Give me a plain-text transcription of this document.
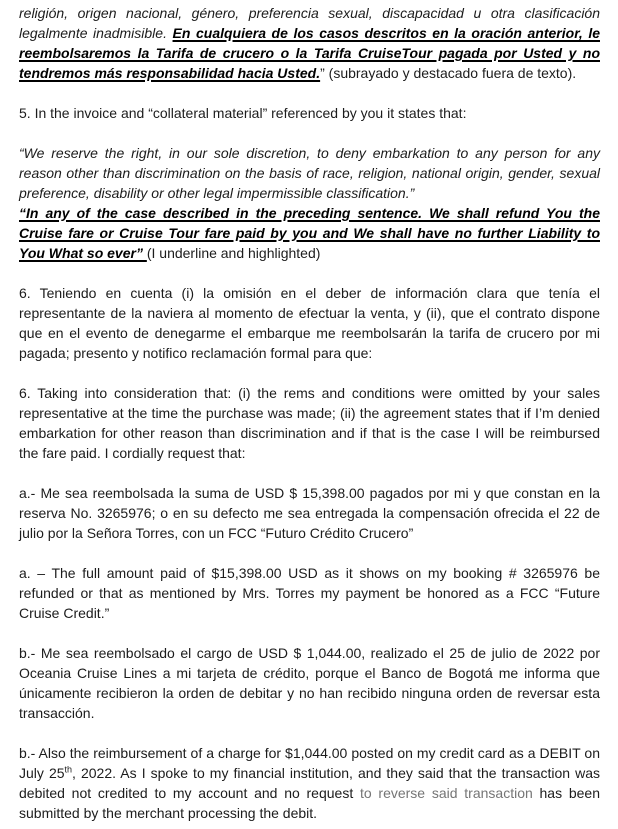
religión, origen nacional, género, preferencia sexual, discapacidad u otra clasificación legalmente inadmisible. En cualquiera de los casos descritos en la oración anterior, le reembolsaremos la Tarifa de crucero o la Tarifa CruiseTour pagada por Usted y no tendremos más responsabilidad hacia Usted.” (subrayado y destacado fuera de texto).

5. In the invoice and “collateral material” referenced by you it states that:

“We reserve the right, in our sole discretion, to deny embarkation to any person for any reason other than discrimination on the basis of race, religion, national origin, gender, sexual preference, disability or other legal impermissible classification.”
“In any of the case described in the preceding sentence. We shall refund You the Cruise fare or Cruise Tour fare paid by you and We shall have no further Liability to You What so ever” (I underline and highlighted)

6. Teniendo en cuenta (i) la omisión en el deber de información clara que tenía el representante de la naviera al momento de efectuar la venta, y (ii), que el contrato dispone que en el evento de denegarme el embarque me reembolsarán la tarifa de crucero por mi pagada; presento y notifico reclamación formal para que:

6. Taking into consideration that: (i) the rems and conditions were omitted by your sales representative at the time the purchase was made; (ii) the agreement states that if I’m denied embarkation for other reason than discrimination and if that is the case I will be reimbursed the fare paid. I cordially request that:

a.- Me sea reembolsada la suma de USD $ 15,398.00 pagados por mi y que constan en la reserva No. 3265976; o en su defecto me sea entregada la compensación ofrecida el 22 de julio por la Señora Torres, con un FCC “Futuro Crédito Crucero”

a. – The full amount paid of $15,398.00 USD as it shows on my booking # 3265976 be refunded or that as mentioned by Mrs. Torres my payment be honored as a FCC “Future Cruise Credit.”

b.- Me sea reembolsado el cargo de USD $ 1,044.00, realizado el 25 de julio de 2022 por Oceania Cruise Lines a mi tarjeta de crédito, porque el Banco de Bogotá me informa que únicamente recibieron la orden de debitar y no han recibido ninguna orden de reversar esta transacción.

b.- Also the reimbursement of a charge for $1,044.00 posted on my credit card as a DEBIT on July 25th, 2022. As I spoke to my financial institution, and they said that the transaction was debited not credited to my account and no request to reverse said transaction has been submitted by the merchant processing the debit.
